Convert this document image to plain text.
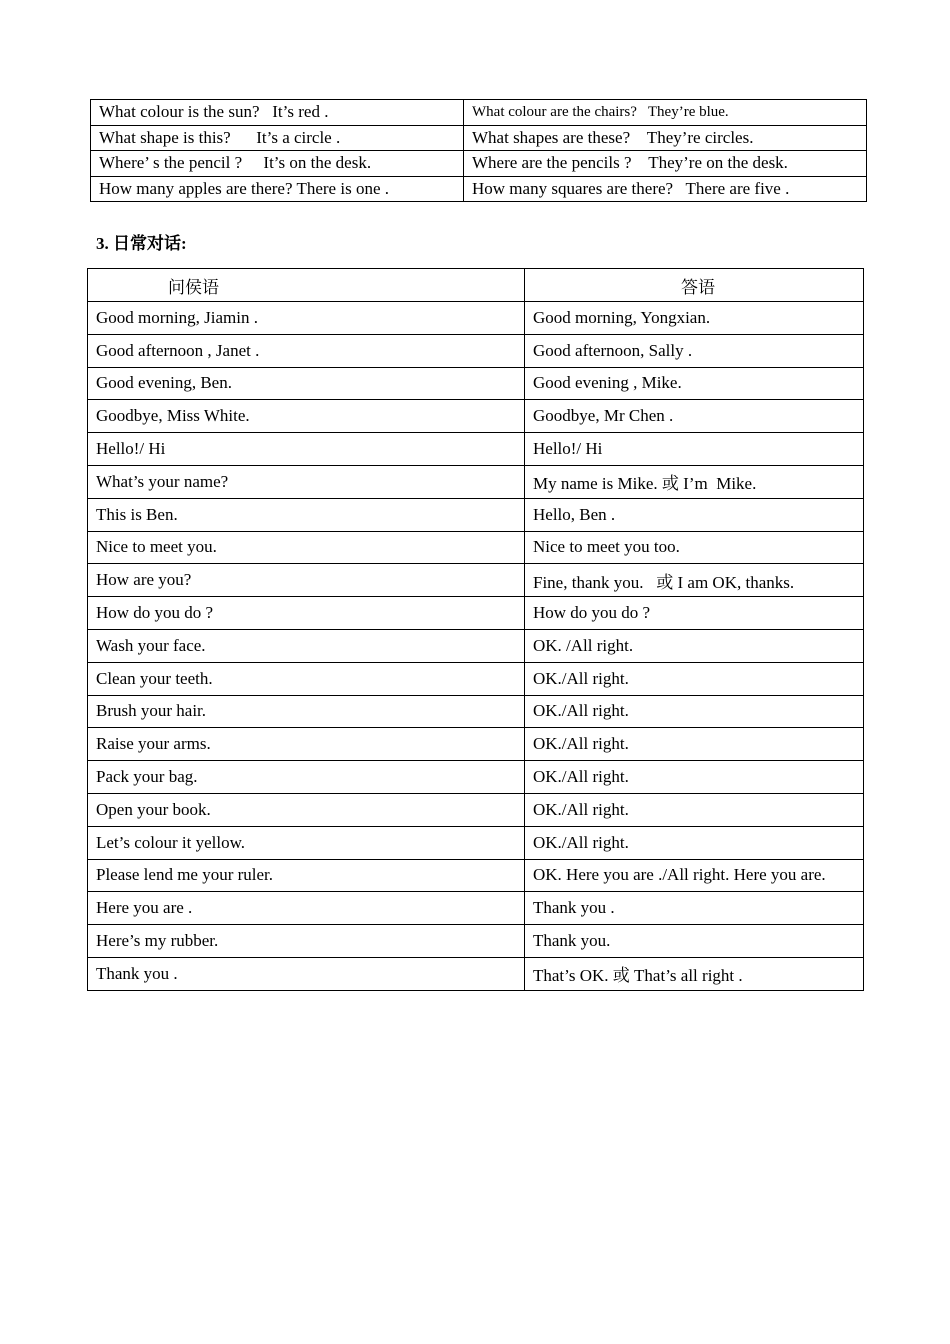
What colour is the sun?   It’s red .	What colour are the chairs?   They’re blue.
What shape is this?      It’s a circle .	What shapes are these?    They’re circles.
Where’ s the pencil ?     It’s on the desk.	Where are the pencils ?    They’re on the desk.
How many apples are there? There is one .	How many squares are there?   There are five .
3. 日常对话:
问侯语	答语
Good morning, Jiamin .	Good morning, Yongxian.
Good afternoon , Janet .	Good afternoon, Sally .
Good evening, Ben.	Good evening , Mike.
Goodbye, Miss White.	Goodbye, Mr Chen .
Hello!/ Hi	Hello!/ Hi
What’s your name?	My name is Mike. 或 I’m  Mike.
This is Ben.	Hello, Ben .
Nice to meet you.	Nice to meet you too.
How are you?	Fine, thank you.   或 I am OK, thanks.
How do you do ?	How do you do ?
Wash your face.	OK. /All right.
Clean your teeth.	OK./All right.
Brush your hair.	OK./All right.
Raise your arms.	OK./All right.
Pack your bag.	OK./All right.
Open your book.	OK./All right.
Let’s colour it yellow.	OK./All right.
Please lend me your ruler.	OK. Here you are ./All right. Here you are.
Here you are .	Thank you .
Here’s my rubber.	Thank you.
Thank you .	That’s OK. 或 That’s all right .
